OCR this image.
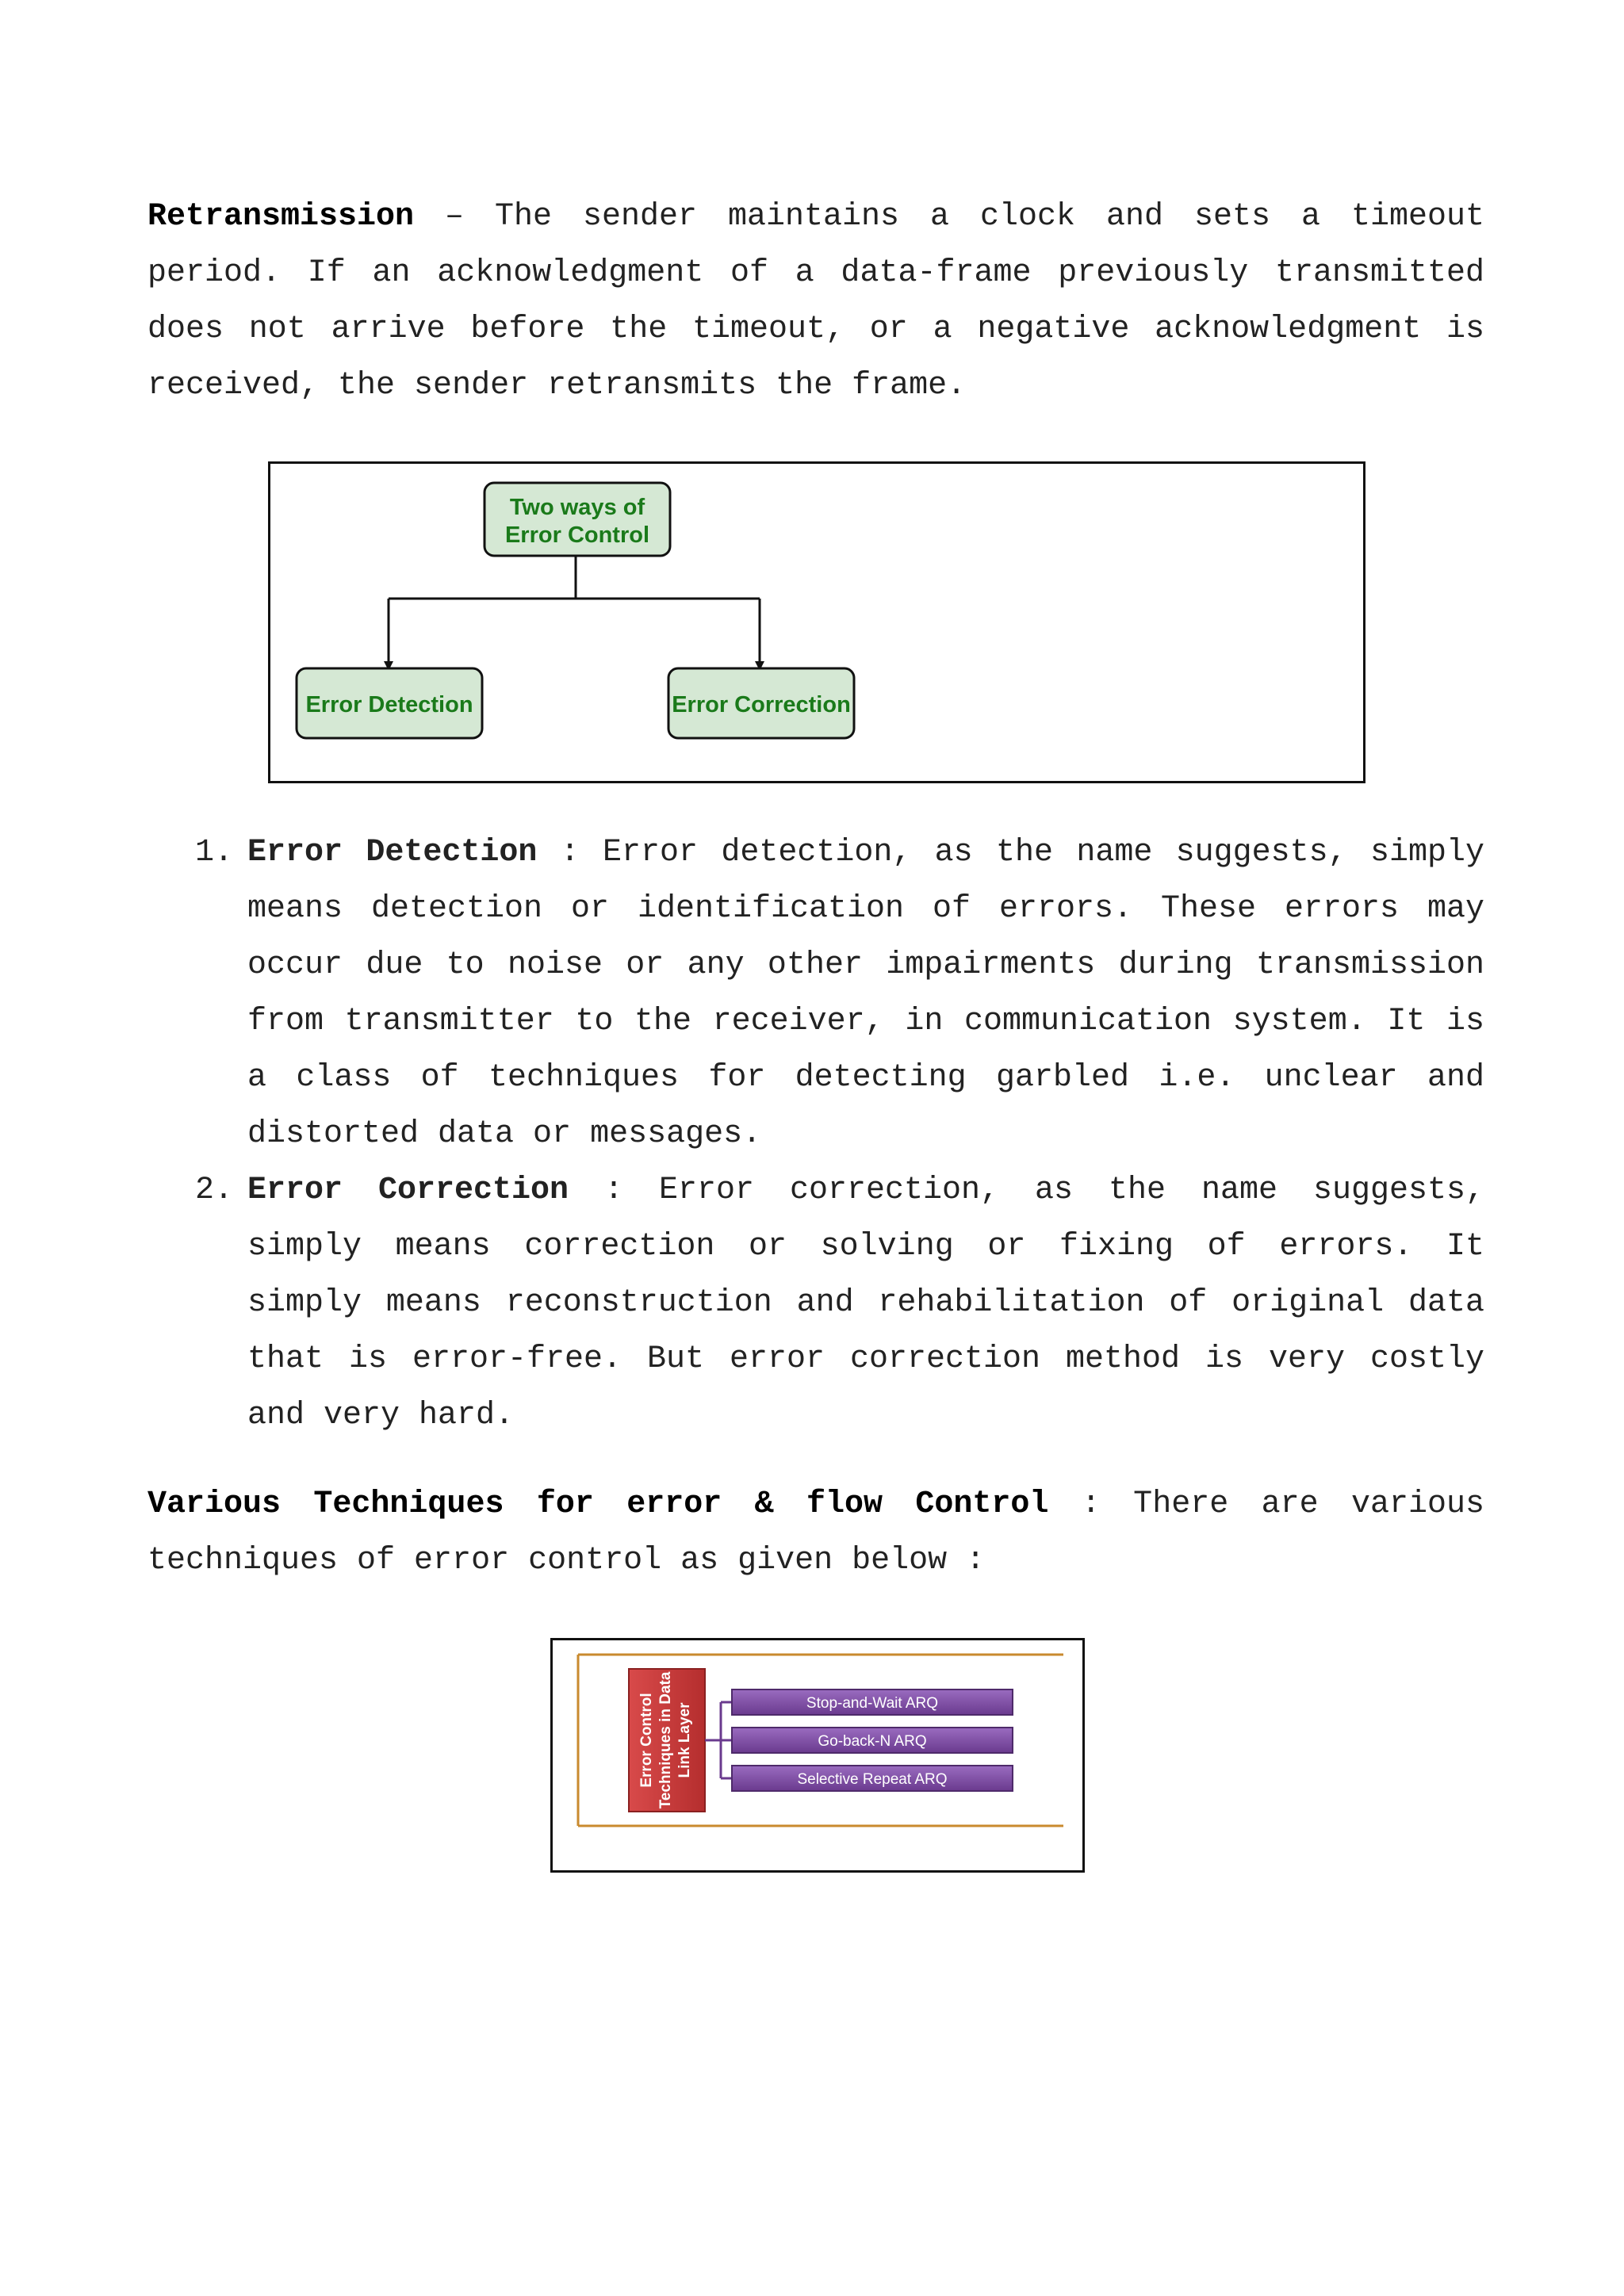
Retransmission – The sender maintains a clock and sets a timeout period. If an acknowledgment of a data-frame previously transmitted does not arrive before the timeout, or a negative acknowledgment is received, the sender retransmits the frame.

Two ways of
Error Control
Error Detection	Error Correction
1. Error Detection : Error detection, as the name suggests, simply means detection or identification of errors. These errors may occur due to noise or any other impairments during transmission from transmitter to the receiver, in communication system. It is a class of techniques for detecting garbled i.e. unclear and distorted data or messages.
2. Error Correction : Error correction, as the name suggests, simply means correction or solving or fixing of errors. It simply means reconstruction and rehabilitation of original data that is error-free. But error correction method is very costly and very hard.

Various Techniques for error & flow Control : There are various techniques of error control as given below :

Error Control Techniques in Data Link Layer	Stop-and-Wait ARQ
Go-back-N ARQ
Selective Repeat ARQ
